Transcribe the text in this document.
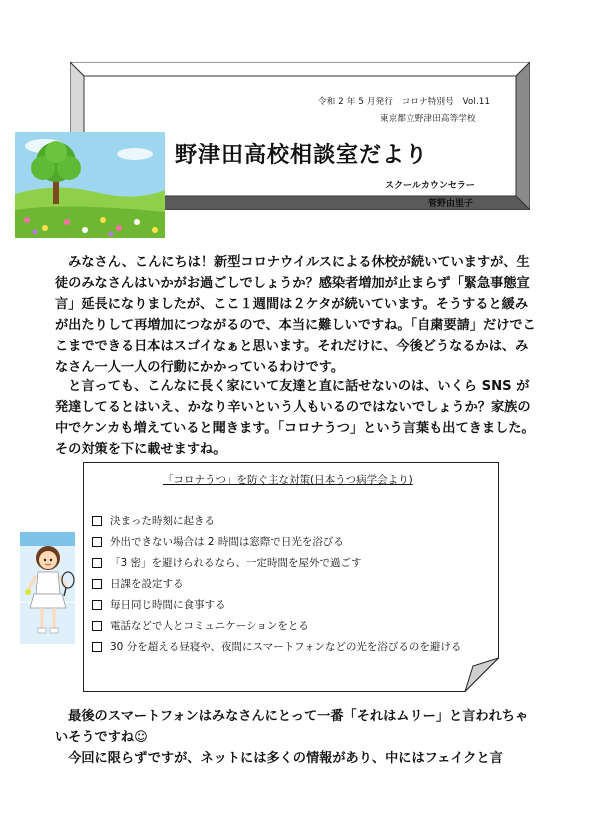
令和 2 年 5 月発行　コロナ特別号　Vol.11
東京都立野津田高等学校
野津田高校相談室だより
スクールカウンセラー
菅野由里子
　みなさん、こんにちは！新型コロナウイルスによる休校が続いていますが、生徒のみなさんはいかがお過ごしでしょうか？感染者増加が止まらず「緊急事態宣言」延長になりましたが、ここ１週間は２ケタが続いています。そうすると緩みが出たりして再増加につながるので、本当に難しいですね。「自粛要請」だけでここまでできる日本はスゴイなぁと思います。それだけに、今後どうなるかは、みなさん一人一人の行動にかかっているわけです。
　と言っても、こんなに長く家にいて友達と直に話せないのは、いくら SNS が発達してるとはいえ、かなり辛いという人もいるのではないでしょうか？家族の中でケンカも増えていると聞きます。「コロナうつ」という言葉も出てきました。その対策を下に載せますね。
「コロナうつ」を防ぐ主な対策(日本うつ病学会より)
決まった時刻に起きる
外出できない場合は 2 時間は窓際で日光を浴びる
「3 密」を避けられるなら、一定時間を屋外で過ごす
日課を設定する
毎日同じ時間に食事する
電話などで人とコミュニケーションをとる
30 分を超える昼寝や、夜間にスマートフォンなどの光を浴びるのを避ける
　最後のスマートフォンはみなさんにとって一番「それはムリー」と言われちゃいそうですね☺
　今回に限らずですが、ネットには多くの情報があり、中にはフェイクと言
